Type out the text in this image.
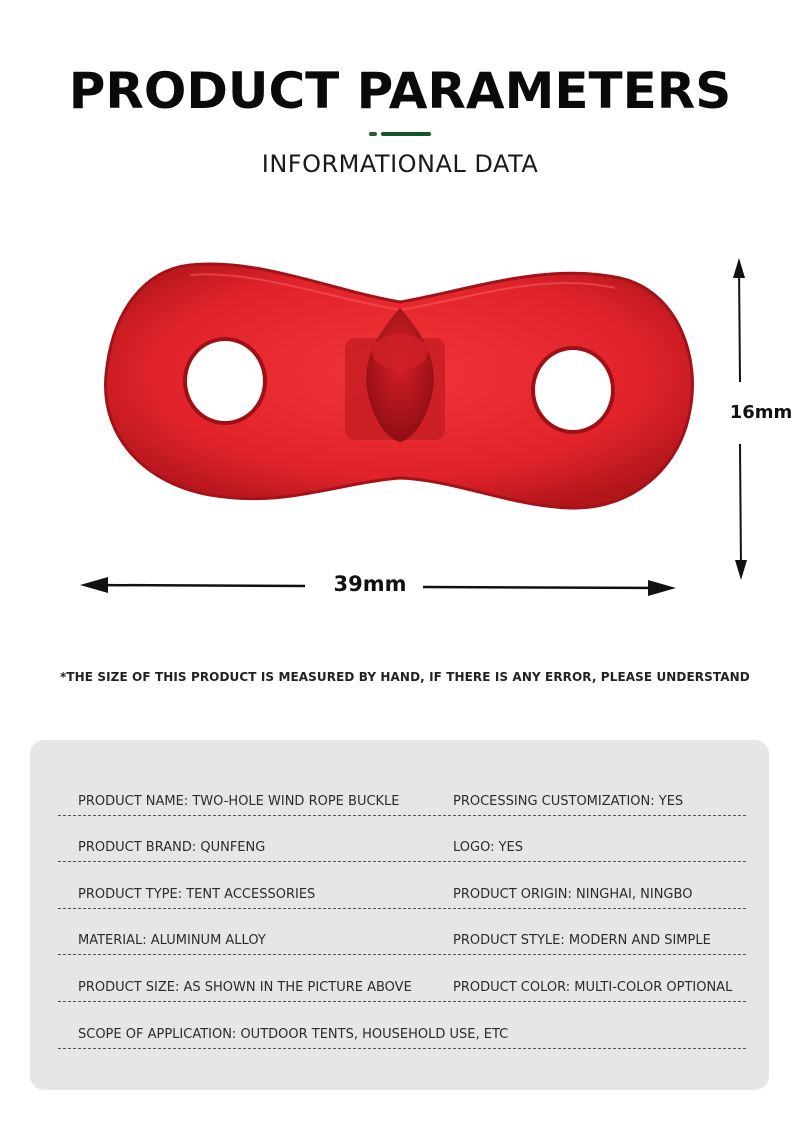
PRODUCT PARAMETERS
INFORMATIONAL DATA
39mm
16mm
*THE SIZE OF THIS PRODUCT IS MEASURED BY HAND, IF THERE IS ANY ERROR, PLEASE UNDERSTAND
PRODUCT NAME: TWO-HOLE WIND ROPE BUCKLE	PROCESSING CUSTOMIZATION: YES
PRODUCT BRAND: QUNFENG	LOGO: YES
PRODUCT TYPE: TENT ACCESSORIES	PRODUCT ORIGIN: NINGHAI, NINGBO
MATERIAL: ALUMINUM ALLOY	PRODUCT STYLE: MODERN AND SIMPLE
PRODUCT SIZE: AS SHOWN IN THE PICTURE ABOVE	PRODUCT COLOR: MULTI-COLOR OPTIONAL
SCOPE OF APPLICATION: OUTDOOR TENTS, HOUSEHOLD USE, ETC
